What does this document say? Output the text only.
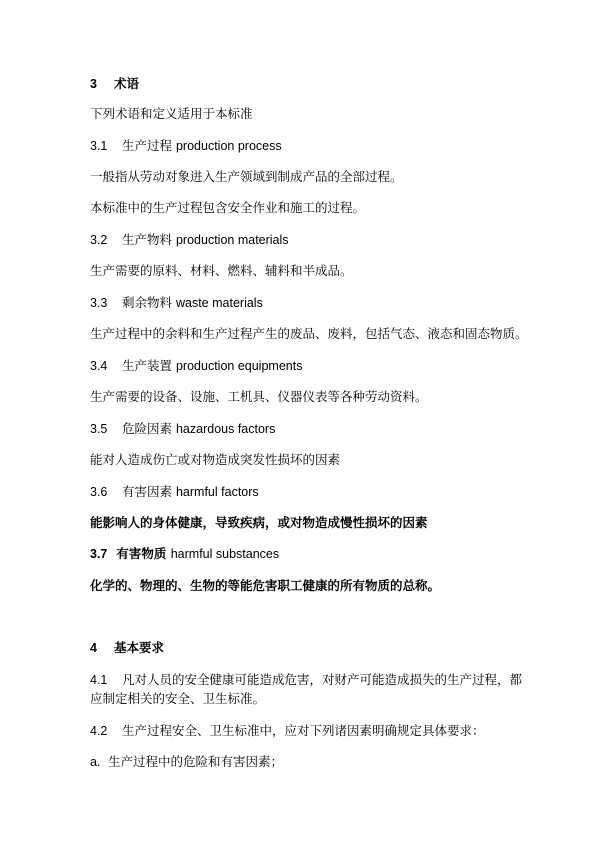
3 术语
下列术语和定义适用于本标准
3.1 生产过程 production process
一般指从劳动对象进入生产领域到制成产品的全部过程。
本标准中的生产过程包含安全作业和施工的过程。
3.2 生产物料 production materials
生产需要的原料、材料、燃料、辅料和半成品。
3.3 剩余物料 waste materials
生产过程中的余料和生产过程产生的废品、废料，包括气态、液态和固态物质。
3.4 生产装置 production equipments
生产需要的设备、设施、工机具、仪器仪表等各种劳动资料。
3.5 危险因素 hazardous factors
能对人造成伤亡或对物造成突发性损坏的因素
3.6 有害因素 harmful factors
能影响人的身体健康，导致疾病，或对物造成慢性损坏的因素
3.7 有害物质 harmful substances
化学的、物理的、生物的等能危害职工健康的所有物质的总称。
4 基本要求
4.1 凡对人员的安全健康可能造成危害，对财产可能造成损失的生产过程，都
应制定相关的安全、卫生标准。
4.2 生产过程安全、卫生标准中，应对下列诸因素明确规定具体要求：
a. 生产过程中的危险和有害因素；
